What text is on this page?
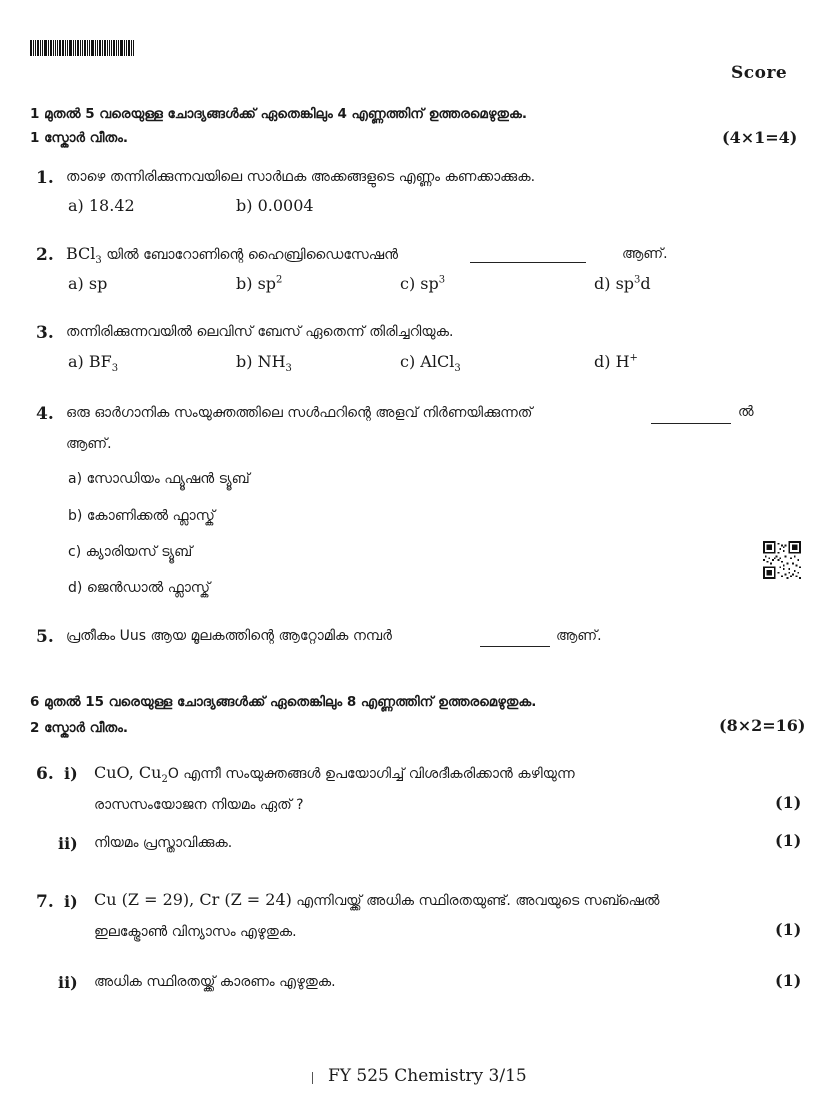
Score
1 മുതൽ 5 വരെയുള്ള ചോദ്യങ്ങൾക്ക് ഏതെങ്കിലും 4 എണ്ണത്തിന് ഉത്തരമെഴുതുക.
1 സ്കോർ വീതം.	(4×1=4)
1. താഴെ തന്നിരിക്കുന്നവയിലെ സാർഥക അക്കങ്ങളുടെ എണ്ണം കണക്കാക്കുക.
a) 18.42	b) 0.0004
2. BCl$_3$ യിൽ ബോറോണിന്റെ ഹൈബ്രിഡൈസേഷൻ	ആണ്.
a) sp	b) $sp^2$	c) $sp^3$	d) $sp^3d$
3. തന്നിരിക്കുന്നവയിൽ ലെവിസ് ബേസ് ഏതെന്ന് തിരിച്ചറിയുക.
a) $BF_3$	b) $NH_3$	c) AlCl$_3$	d) H+
4. ഒരു ഓർഗാനിക സംയുക്തത്തിലെ സൾഫറിന്റെ അളവ് നിർണയിക്കുന്നത്	ൽ
ആണ്.
a) സോഡിയം ഫ്യൂഷൻ ട്യൂബ്
b) കോണിക്കൽ ഫ്ലാസ്ക്
c) ക്യാരിയസ് ട്യൂബ്
d) ജെൻഡാൽ ഫ്ലാസ്ക്
5. പ്രതീകം Uus ആയ മൂലകത്തിന്റെ ആറ്റോമിക നമ്പർ	ആണ്.
6 മുതൽ 15 വരെയുള്ള ചോദ്യങ്ങൾക്ക് ഏതെങ്കിലും 8 എണ്ണത്തിന് ഉത്തരമെഴുതുക.
2 സ്കോർ വീതം.	(8×2=16)
6. i) CuO, $Cu_2O$ എന്നീ സംയുക്തങ്ങൾ ഉപയോഗിച്ച് വിശദീകരിക്കാൻ കഴിയുന്ന
രാസസംയോജന നിയമം ഏത് ?	(1)
ii) നിയമം പ്രസ്താവിക്കുക.	(1)
7. i) Cu (Z = 29), Cr (Z = 24) എന്നിവയ്ക്ക് അധിക സ്ഥിരതയുണ്ട്. അവയുടെ സബ്ഷെൽ
ഇലക്ട്രോൺ വിന്യാസം എഴുതുക.	(1)
ii) അധിക സ്ഥിരതയ്ക്ക് കാരണം എഴുതുക.	(1)
FY 525 Chemistry 3/15
